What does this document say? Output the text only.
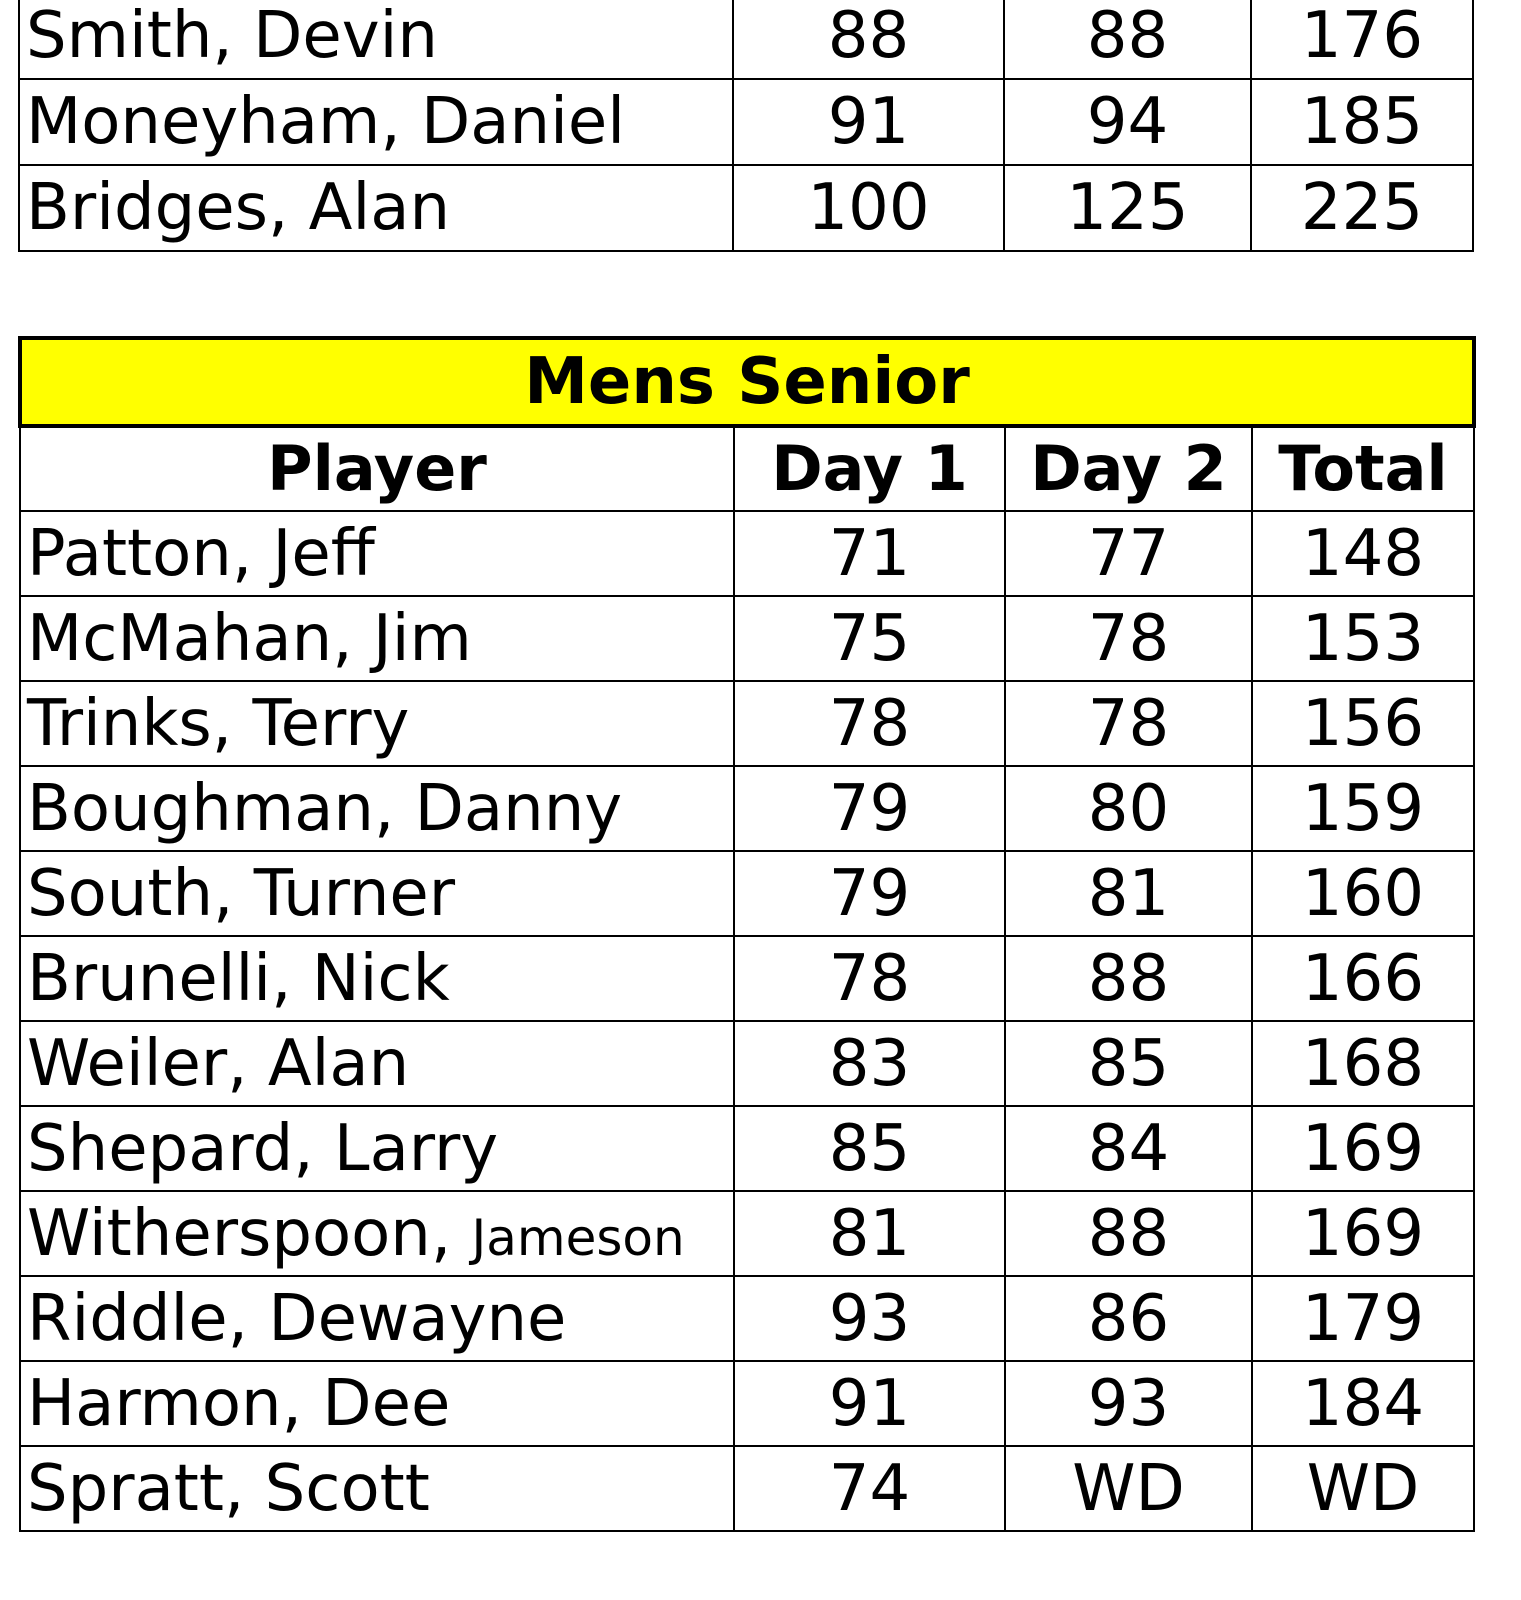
Smith, Devin	88	88	176
Moneyham, Daniel	91	94	185
Bridges, Alan	100	125	225
Mens Senior			
Player	Day 1	Day 2	Total
Patton, Jeff	71	77	148
McMahan, Jim	75	78	153
Trinks, Terry	78	78	156
Boughman, Danny	79	80	159
South, Turner	79	81	160
Brunelli, Nick	78	88	166
Weiler, Alan	83	85	168
Shepard, Larry	85	84	169
Witherspoon, Jameson	81	88	169
Riddle, Dewayne	93	86	179
Harmon, Dee	91	93	184
Spratt, Scott	74	WD	WD
